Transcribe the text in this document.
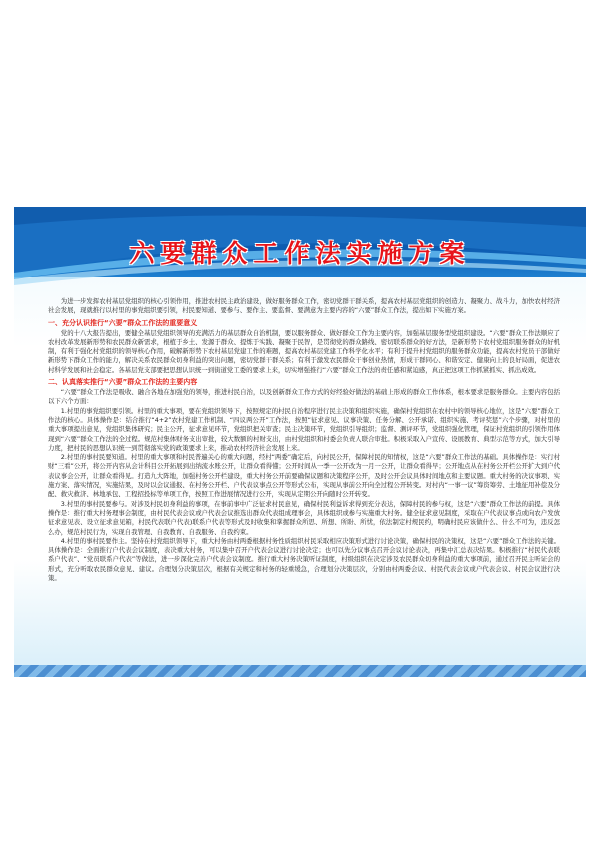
六要群众工作法实施方案

为进一步发挥农村基层党组织的核心引领作用，推进农村民主政治建设，做好服务群众工作，密切党群干群关系，提高农村基层党组织的创造力、凝聚力、战斗力，加快农村经济社会发展，现就推行以村里的事党组织要引领，村民要知道、要参与、要作主、要监督、要满意为主要内容的“六要”群众工作法，提出如下实施方案。

一、充分认识推行“六要”群众工作法的重要意义

党的十八大报告提出，要健全基层党组织领导的充满活力的基层群众自治机制，要以服务群众、做好群众工作为主要内容，加强基层服务型党组织建设。“六要”群众工作法顺应了农村改革发展新形势和农民群众新需求，根植于乡土、发源于群众、提炼于实践、凝聚于民智，是贯彻党的群众路线、密切联系群众的好方法，是新形势下农村党组织服务群众的好机制，有利于强化村党组织的领导核心作用，破解新形势下农村基层党建工作的难题，提高农村基层党建工作科学化水平；有利于提升村党组织的服务群众功能，提高农村党员干部做好新形势下群众工作的能力，解决关系农民群众切身利益的突出问题，密切党群干群关系；有利于激发农民群众干事创业热情，形成干群同心、和谐安定、健康向上的良好局面，促进农村科学发展和社会稳定。各基层党支部要把思想认识统一到街道党工委的要求上来，切实增强推行“六要”群众工作法的责任感和紧迫感，真正把这项工作抓紧抓实、抓出成效。

二、认真落实推行“六要”群众工作法的主要内容

“六要”群众工作法是吸收、融合各地在加强党的领导，推进村民自治，以及创新群众工作方式的好经验好做法的基础上形成的群众工作体系，根本要求是服务群众。主要内容包括以下六个方面：

1.村里的事党组织要引领。村里的重大事项，要在党组织领导下，按照规定的村民自治程序进行民主决策和组织实施，确保村党组织在农村中的领导核心地位，这是“六要”群众工作法的核心。具体操作是：结合推行“4+2”农村党建工作机制、“四议两公开”工作法，按照“征求意见、议事决策、任务分解、公开承诺、组织实施、考评奖惩”六个步骤，对村里的重大事项提出意见，党组织集体研究；民主公开，征求意见环节，党组织把关审查；民主决策环节，党组织引导组织；监督、测评环节，党组织强化管理，保证村党组织的引领作用体现到“六要”群众工作法的全过程。规范村集体财务支出审批，较大数额的村财支出，由村党组织和村委会负责人联合审批。积极采取入户宣传、设展教育、典型示范等方式，加大引导力度，把村民的思想认识统一到贯彻落实党的政策要求上来，推动农村经济社会发展上来。

2.村里的事村民要知道。村里的重大事项和村民普遍关心的重大问题，经村“两委”确定后，向村民公开，保障村民的知情权，这是“六要”群众工作法的基础。具体操作是：实行村财“三看”公开，将公开内容从会计科目公开拓展到出纳流水账公开，让群众看得懂；公开时间从一季一公开改为一月一公开，让群众看得早；公开地点从在村务公开栏公开扩大到户代表议事会公开，让群众看得见。打造九大阵地，加强村务公开栏建设，重大村务公开前要确保议题和决策程序公开，及时公开会议具体时间地点和主要议题。重大村务的决议事项、实施方案、落实情况，实施结果，及时以会议通报、在村务公开栏、户代表议事点公开等形式公布，实现从事前公开向全过程公开转变。对村内“一事一议”筹资筹劳、土地征用补偿及分配、救灾救济、林地承包、工程招投标等单项工作，按照工作进展情况进行公开，实现从定期公开向随时公开转变。

3.村里的事村民要参与。对涉及村民切身利益的事项，在事前事中广泛征求村民意见，确保村民利益诉求得到充分表达，保障村民的参与权，这是“六要”群众工作法的前提。具体操作是：推行重大村务理事会制度，由村民代表会议或户代表会议推选出群众代表组成理事会，具体组织或参与实施重大村务。健全征求意见制度，采取在户代表议事点或向农户发放征求意见表、设立征求意见箱，村民代表联户代表)联系户代表等形式及时收集和掌握群众所思、所想、所盼、所忧，依法制定村规民约，明确村民应该做什么、什么不可为，违反怎么办，规范村民行为，实现自我管理、自我教育、自我服务、自我约束。

4.村里的事村民要作主。坚持在村党组织领导下，重大村务由村两委根据村务性质组织村民采取相应决策形式进行讨论决策，确保村民的决策权，这是“六要”群众工作法的关键。具体操作是：全面推行户代表会议制度，表决重大村务，可以集中召开户代表会议进行讨论决定；也可以先分议事点召开会议讨论表决，再集中汇总表决结果。积极推行“村民代表联系户代表”、“党员联系户代表”等做法，进一步深化完善户代表会议制度。推行重大村务决策听证制度，村级组织在决定涉及农民群众切身利益的重大事项前，通过召开民主听证会的形式，充分听取农民群众意见、建议。合理划分决策层次，根据有关规定和村务的轻重缓急，合理划分决策层次，分别由村两委会议、村民代表会议或户代表会议、村民会议进行决策。
